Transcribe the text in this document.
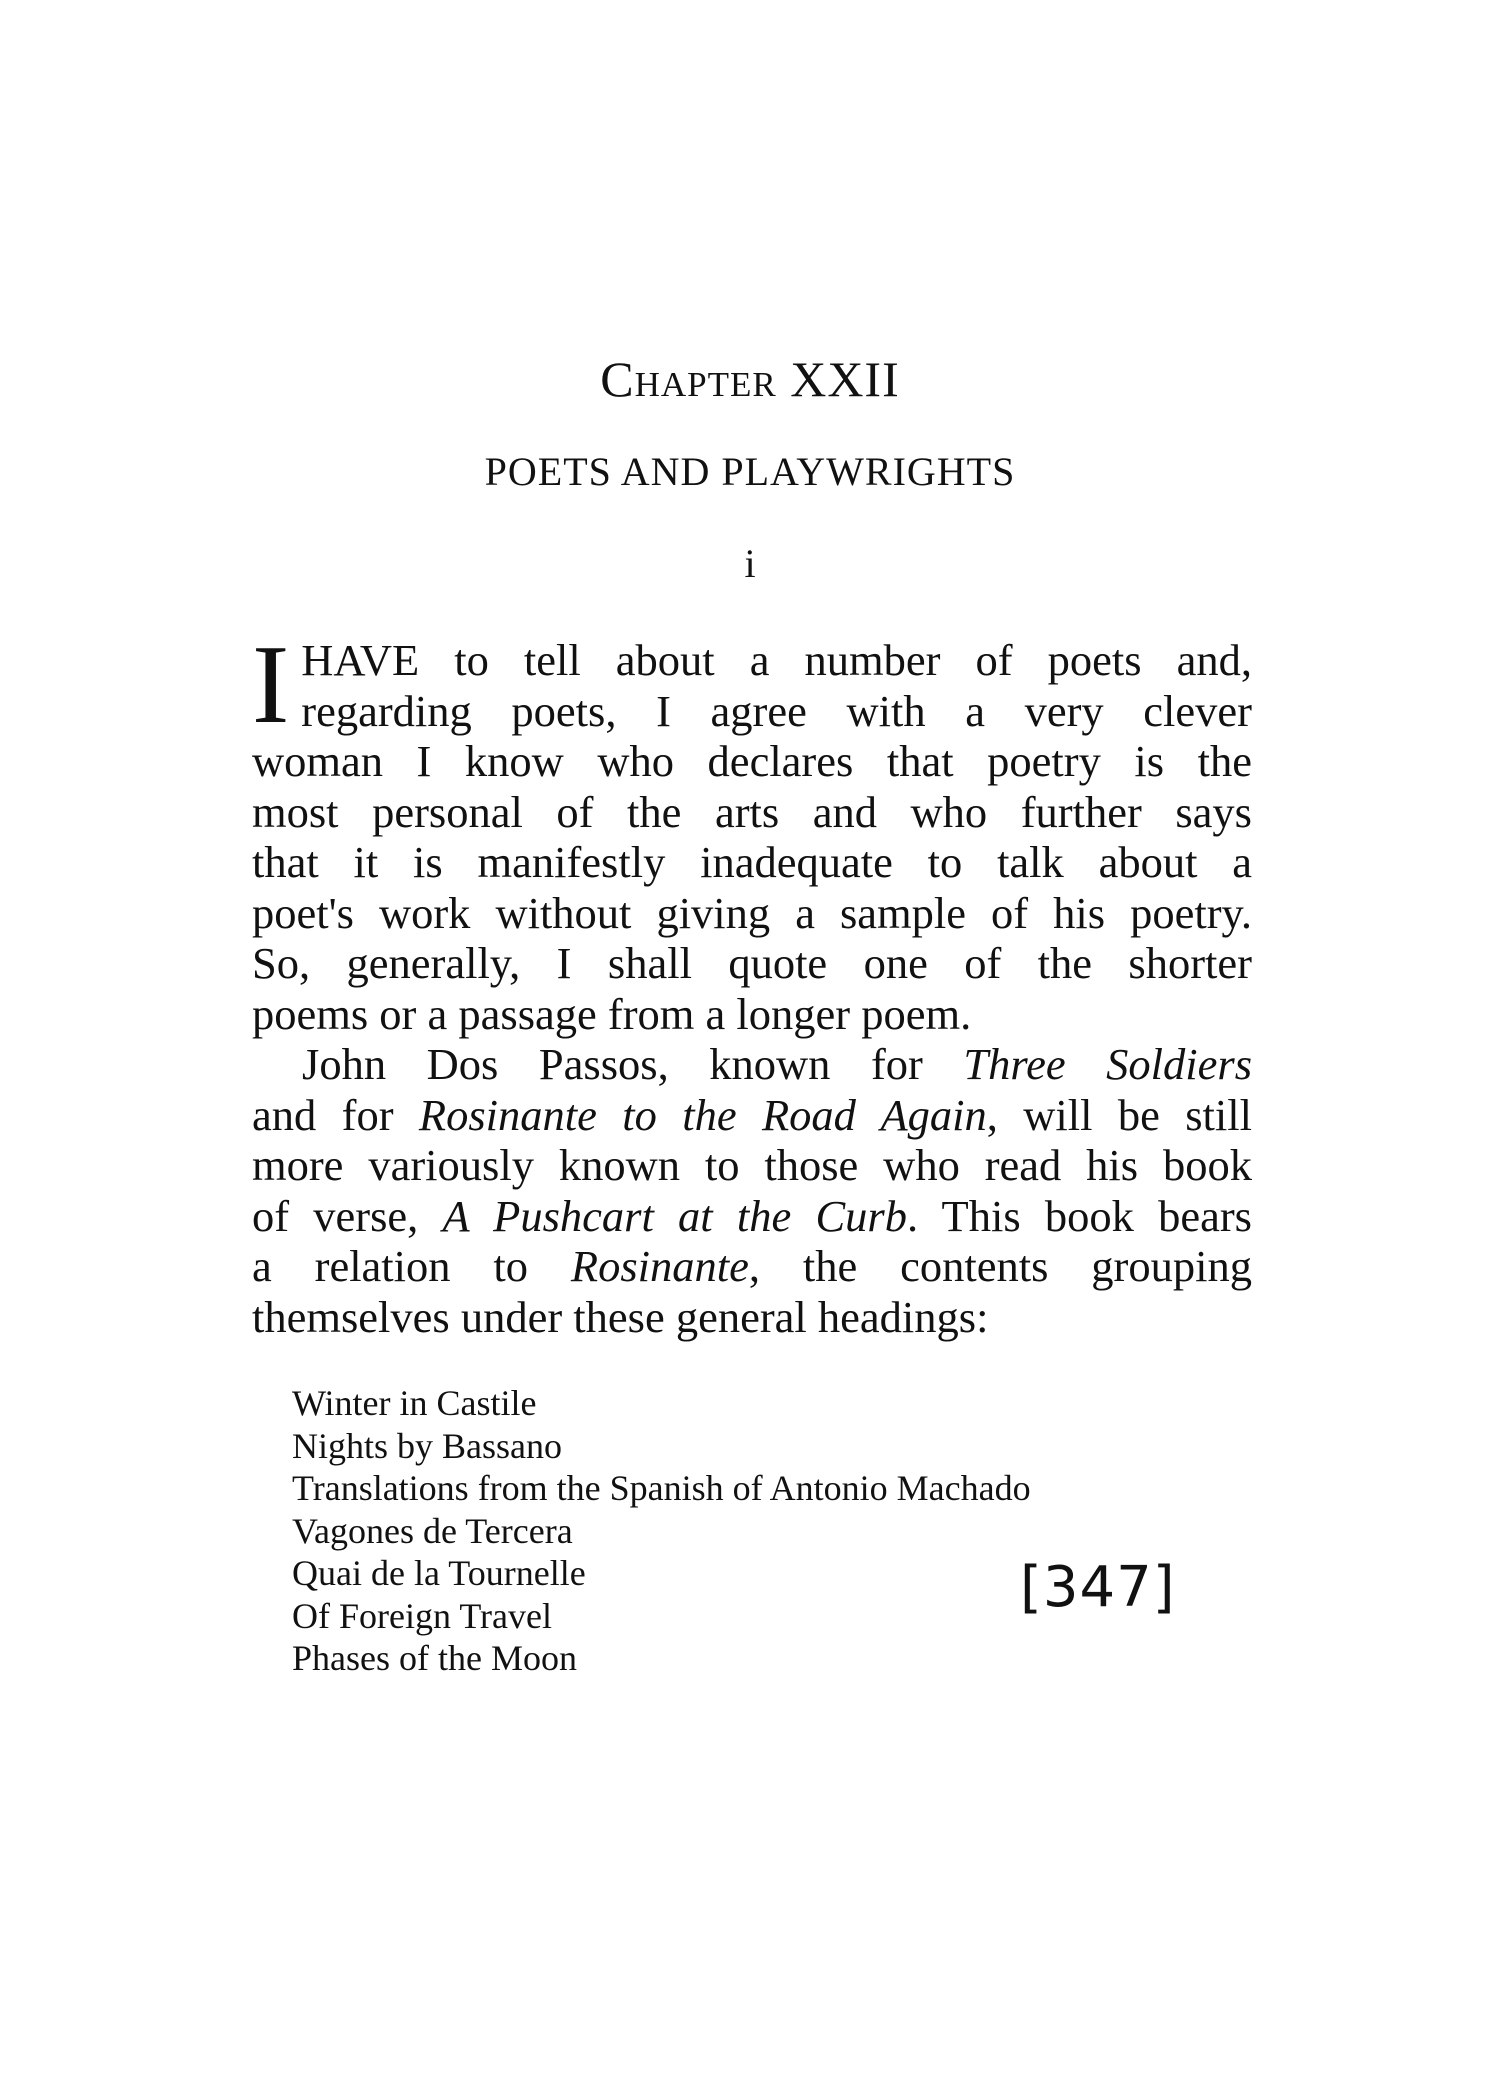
Chapter XXII
POETS AND PLAYWRIGHTS
i
I HAVE to tell about a number of poets and,
regarding poets, I agree with a very clever
woman I know who declares that poetry is the
most personal of the arts and who further says
that it is manifestly inadequate to talk about a
poet's work without giving a sample of his poetry.
So, generally, I shall quote one of the shorter
poems or a passage from a longer poem.
John Dos Passos, known for Three Soldiers
and for Rosinante to the Road Again, will be still
more variously known to those who read his book
of verse, A Pushcart at the Curb. This book bears
a relation to Rosinante, the contents grouping
themselves under these general headings:
Winter in Castile
Nights by Bassano
Translations from the Spanish of Antonio Machado
Vagones de Tercera
Quai de la Tournelle
Of Foreign Travel
Phases of the Moon
[347]
